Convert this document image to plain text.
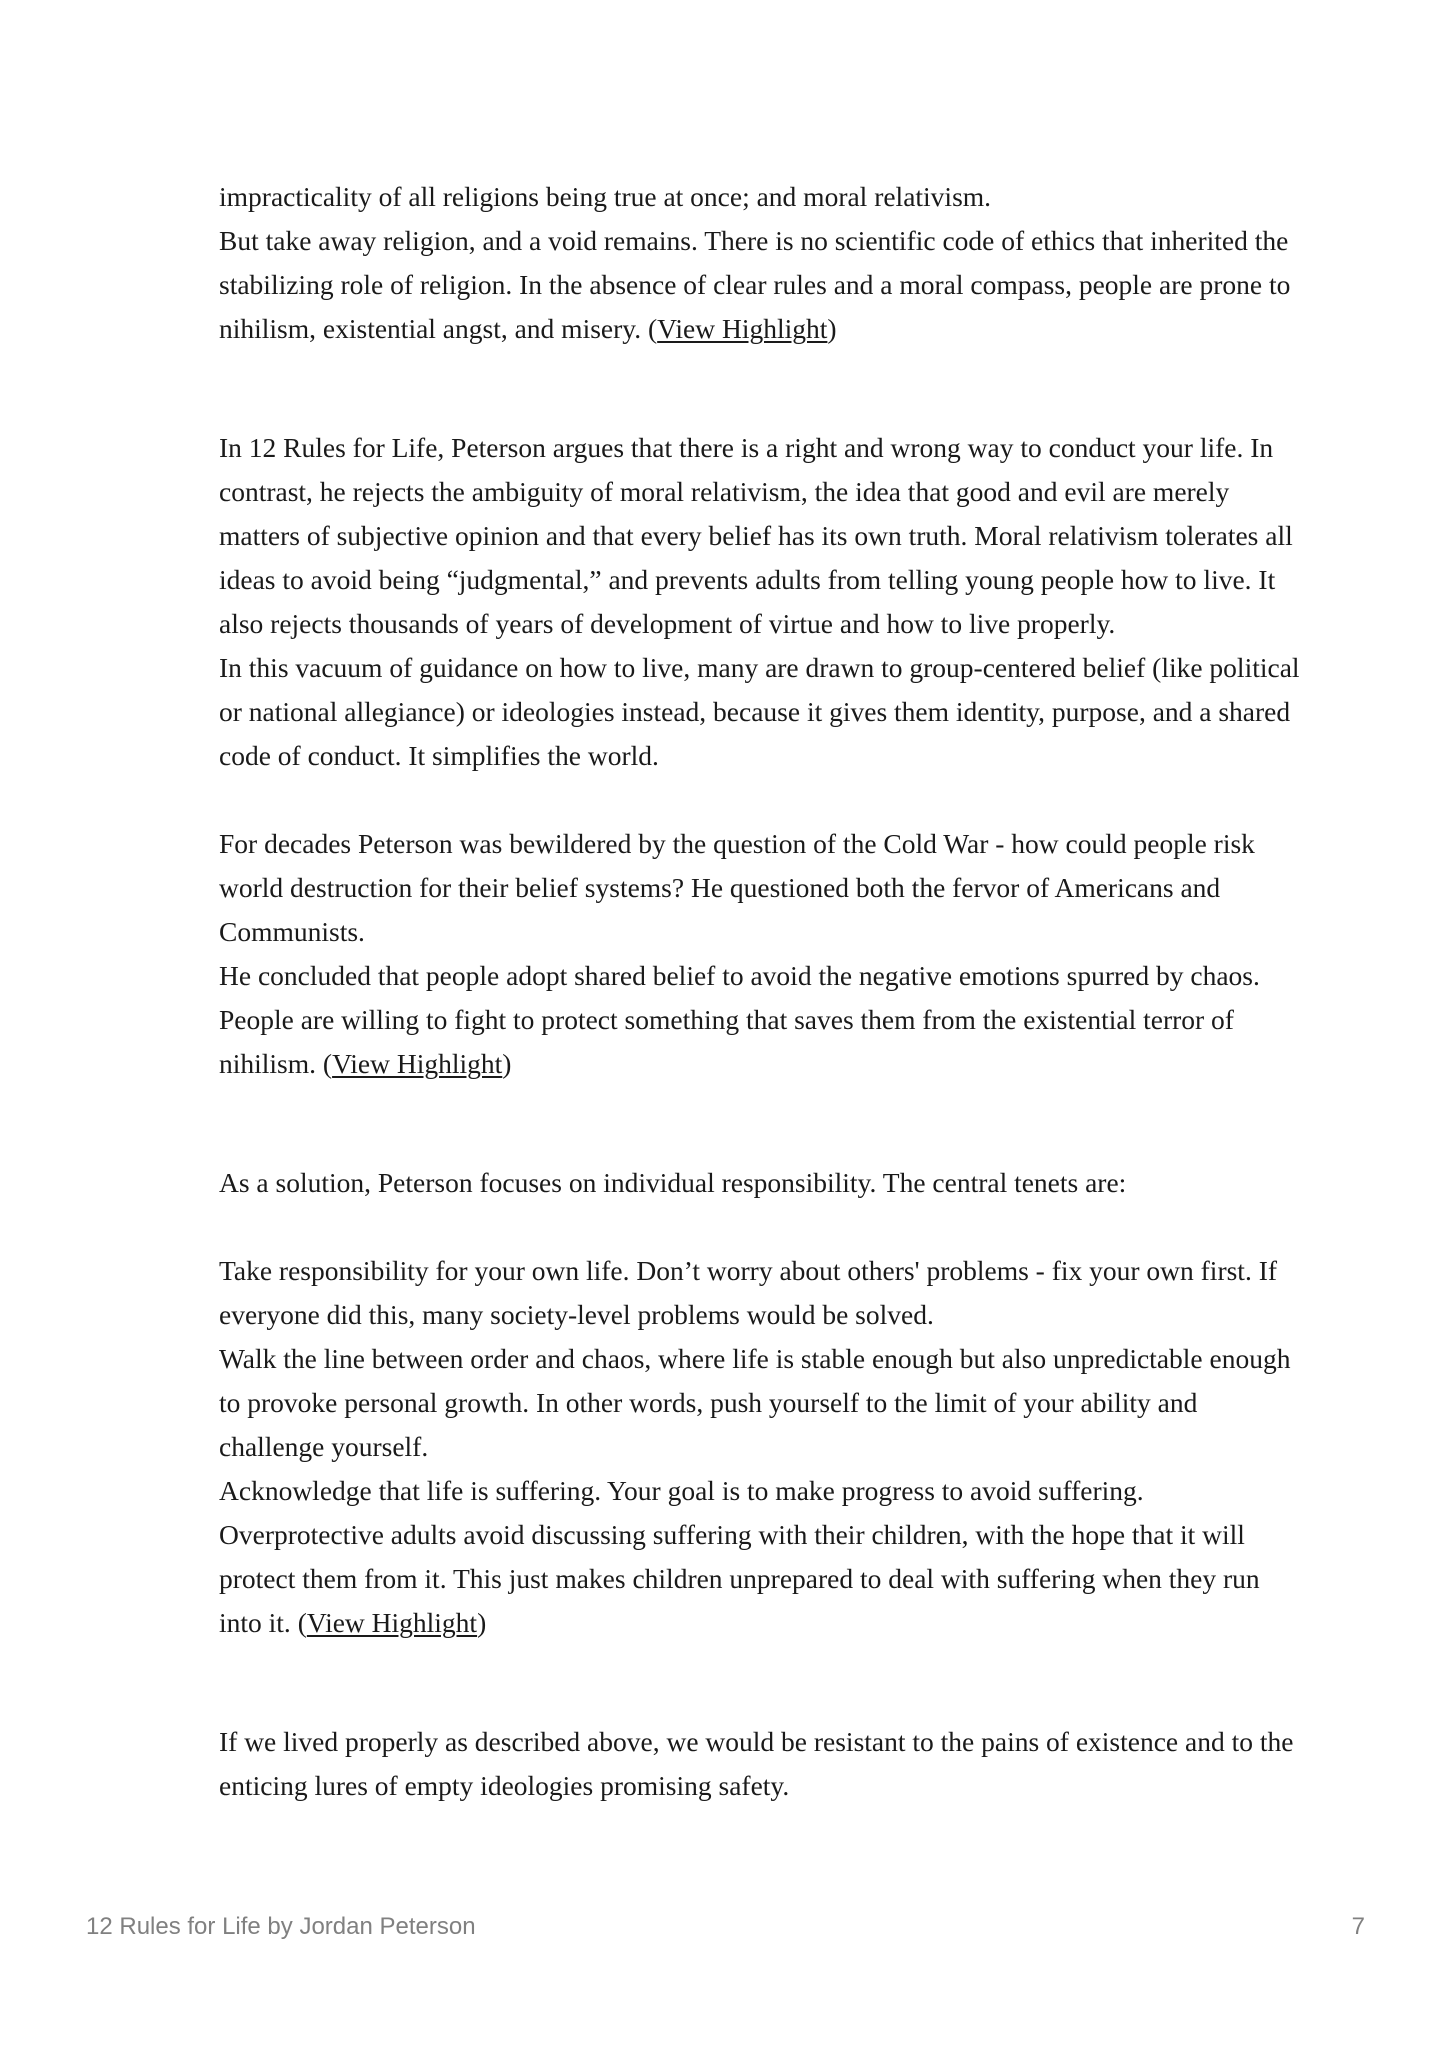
impracticality of all religions being true at once; and moral relativism.

But take away religion, and a void remains. There is no scientific code of ethics that inherited the stabilizing role of religion. In the absence of clear rules and a moral compass, people are prone to nihilism, existential angst, and misery. (View Highlight)

In 12 Rules for Life, Peterson argues that there is a right and wrong way to conduct your life. In contrast, he rejects the ambiguity of moral relativism, the idea that good and evil are merely matters of subjective opinion and that every belief has its own truth. Moral relativism tolerates all ideas to avoid being “judgmental,” and prevents adults from telling young people how to live. It also rejects thousands of years of development of virtue and how to live properly.

In this vacuum of guidance on how to live, many are drawn to group-centered belief (like political or national allegiance) or ideologies instead, because it gives them identity, purpose, and a shared code of conduct. It simplifies the world.

For decades Peterson was bewildered by the question of the Cold War - how could people risk world destruction for their belief systems? He questioned both the fervor of Americans and Communists.

He concluded that people adopt shared belief to avoid the negative emotions spurred by chaos. People are willing to fight to protect something that saves them from the existential terror of nihilism. (View Highlight)

As a solution, Peterson focuses on individual responsibility. The central tenets are:

Take responsibility for your own life. Don’t worry about others' problems - fix your own first. If everyone did this, many society-level problems would be solved.

Walk the line between order and chaos, where life is stable enough but also unpredictable enough to provoke personal growth. In other words, push yourself to the limit of your ability and challenge yourself.

Acknowledge that life is suffering. Your goal is to make progress to avoid suffering. Overprotective adults avoid discussing suffering with their children, with the hope that it will protect them from it. This just makes children unprepared to deal with suffering when they run into it. (View Highlight)

If we lived properly as described above, we would be resistant to the pains of existence and to the enticing lures of empty ideologies promising safety.

12 Rules for Life by Jordan Peterson	7
